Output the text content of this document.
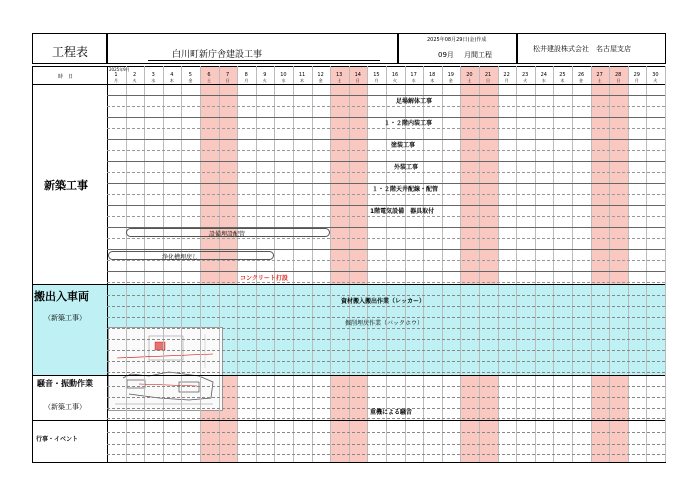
工程表	白川町新庁舎建設工事
2025年08月29日(金)作成
09月 月間工程
松井建設株式会社　名古屋支店
1
月
2
火
3
水
4
木
5
金
6
土
7
日
8
月
9
火
10
水
11
木
12
金
13
土
14
日
15
月
16
火
17
水
18
木
19
金
20
土
21
日
22
月
23
火
24
水
25
木
26
金
27
土
28
日
29
月
30
火
時　日
2025年9月
新築工事
搬出入車両
（新築工事）
騒音・振動作業
（新築工事）
行事・イベント
足場解体工事
１・２階内装工事
塗装工事
外装工事
１・２階天井配線・配管
1階電気設備　器具取付
設備埋設配管
浄化槽埋戻し
コンクリート打設
資材搬入搬出作業（レッカー）
掘削埋戻作業（バックホウ）
重機による騒音
